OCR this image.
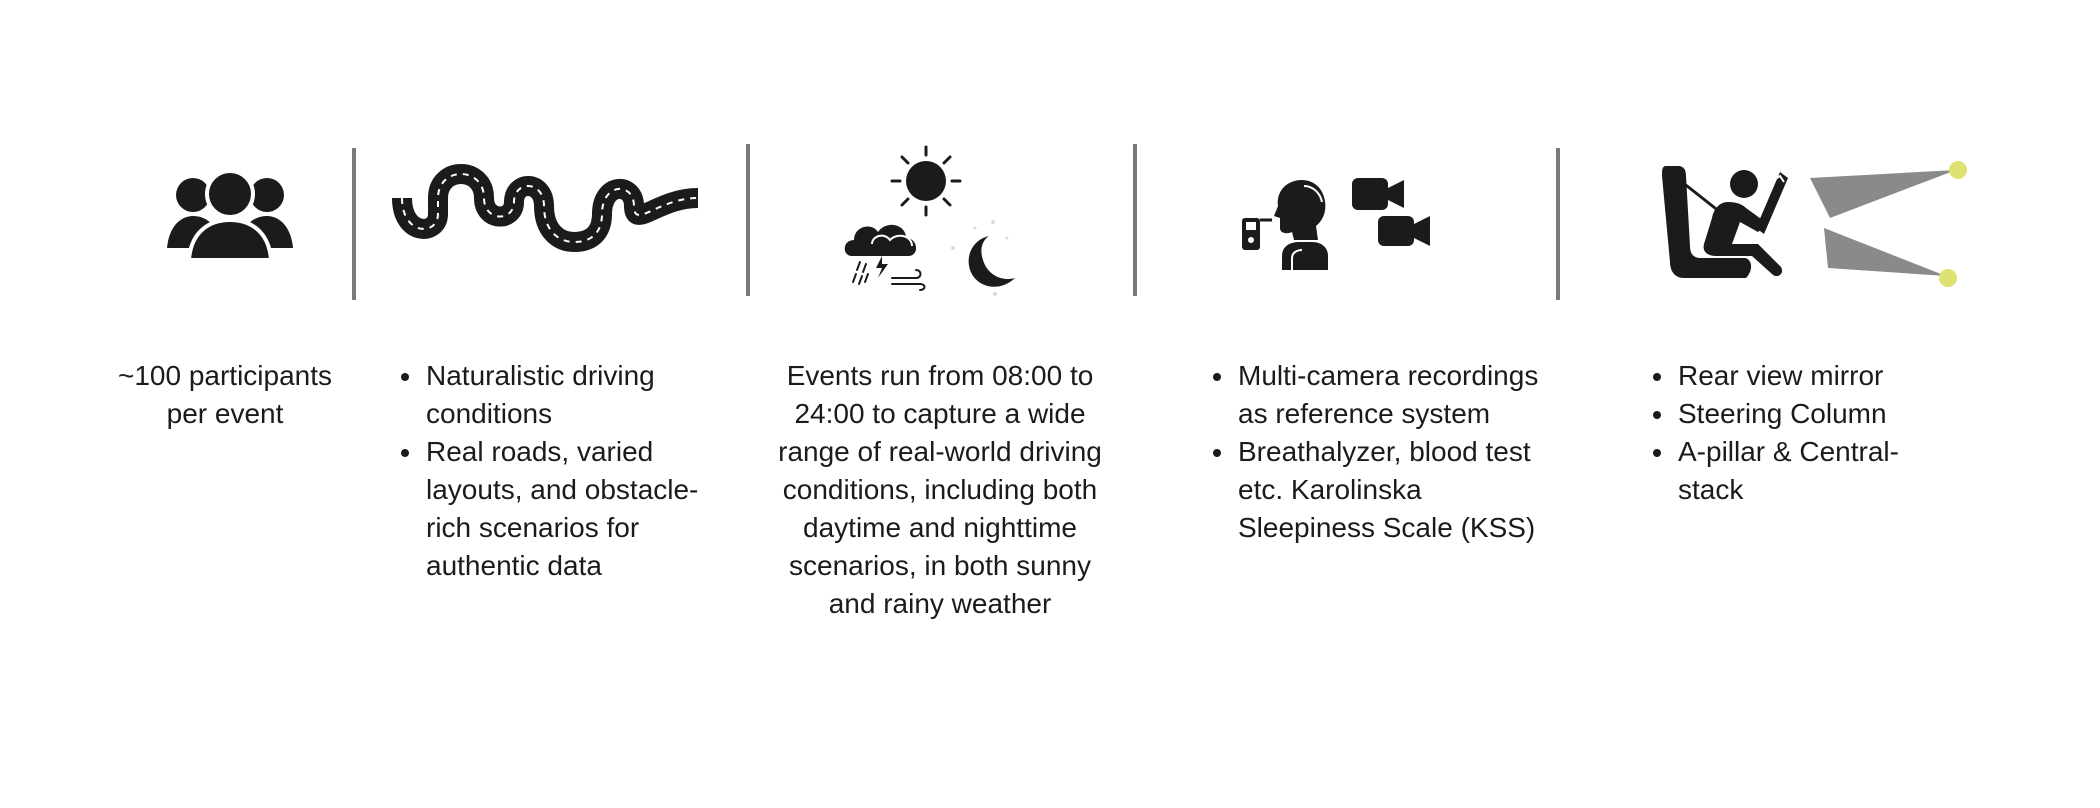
~100 participants per event
• Naturalistic driving conditions
• Real roads, varied layouts, and obstacle-rich scenarios for authentic data
Events run from 08:00 to 24:00 to capture a wide range of real-world driving conditions, including both daytime and nighttime scenarios, in both sunny and rainy weather
• Multi-camera recordings as reference system
• Breathalyzer, blood test etc. Karolinska Sleepiness Scale (KSS)
• Rear view mirror
• Steering Column
• A-pillar & Central-stack
